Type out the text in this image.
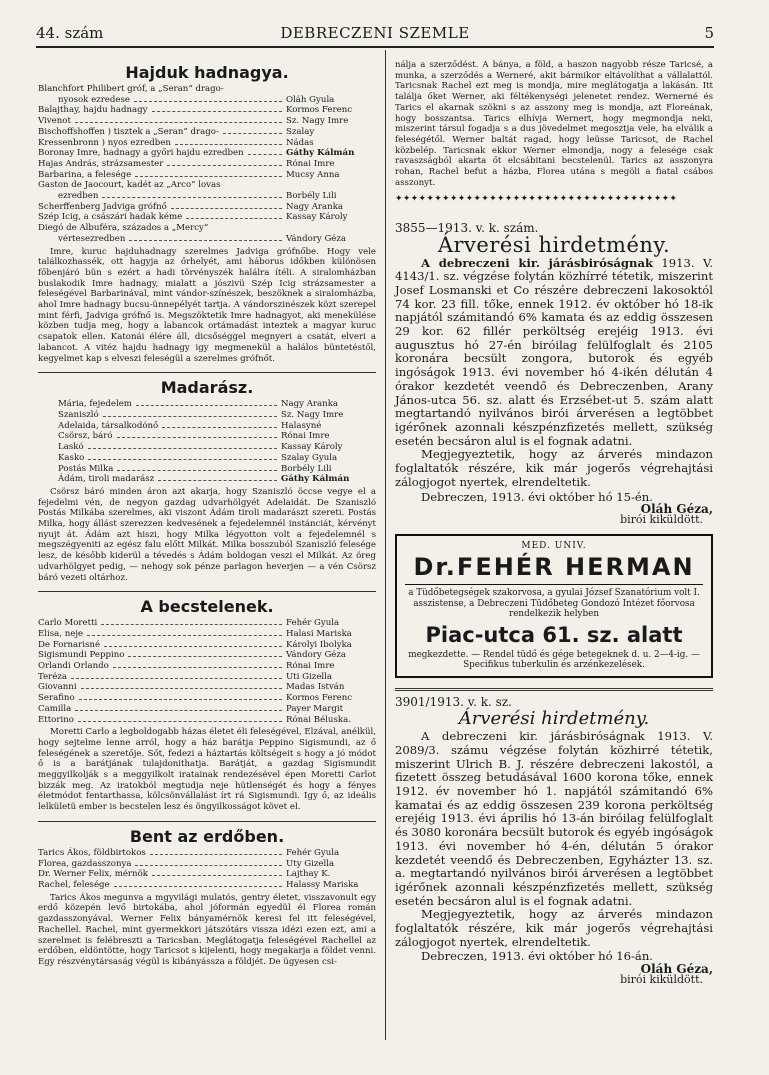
44. szám	DEBRECZENI SZEMLE	5
Hajduk hadnagya.
Blanchfort Philibert gróf, a „Seran“ drago-
nyosok ezredese	Oláh Gyula
Balajthay, hajdu hadnagy	Kormos Ferenc
Vivenot	Sz. Nagy Imre
Bischoffshoffen ) tisztek a „Seran“ drago-	Szalay
Kressenbronn ) nyos ezredben	Nádas
Boronay Imre, hadnagy a győri hajdu ezredben	Gáthy Kálmán
Hajas András, strázsamester	Rónai Imre
Barbarina, a felesége	Mucsy Anna
Gaston de Jaocourt, kadét az „Arco“ lovas
ezredben	Borbély Lili
Scherffenberg Jadviga grófnő	Nagy Aranka
Szép Icig, a császári hadak kéme	Kassay Károly
Diegó de Albuféra, százados a „Mercy“
vértesezredben	Vándory Géza

Imre, kuruc hajduhadnagy szerelmes Jadviga grófnőbe. Hogy vele találkozhassék, ott hagyja az őrhelyét, ami háborus időkben különösen főbenjáró bün s ezért a hadi törvényszék halálra ítéli. A siralomházban buslakodik Imre hadnagy, mialatt a jószivü Szép Icig strázsamester a feleségével Barbarinával, mint vándor-színészek, beszöknek a siralomházba, ahol Imre hadnagy bucsu-ünnepélyét tartja. A vándorszinészek közt szerepel mint férfi, Jadviga grófnő is. Megszöktetik Imre hadnagyot, aki menekülése közben tudja meg, hogy a labancok ortámadást inteztek a magyar kuruc csapatok ellen. Katonái élére áll, dicsőséggel megnyeri a csatát, elveri a labancot. A vitéz hajdu hadnagy igy megmenekül a halálos büntetéstől, kegyelmet kap s elveszi feleségül a szerelmes grófnőt.

Madarász.
Mária, fejedelem	Nagy Aranka
Szaniszló	Sz. Nagy Imre
Adelaida, társalkodónő	Halasyné
Csörsz, báró	Rónai Imre
Laskó	Kassay Károly
Kasko	Szalay Gyula
Postás Milka	Borbély Lili
Ádám, tiroli madarász	Gáthy Kálmán

Csörsz báró minden áron azt akarja, hogy Szaniszló öccse vegye el a fejedelmi vén, de negyon gazdag udvarhölgyét Adelaidát. De Szaniszló Postás Milkába szerelmes, aki viszont Ádám tiroli madarászt szereti. Postás Milka, hogy állást szerezzen kedvesének a fejedelemnél instánciát, kérvényt nyujt át. Ádám azt hiszi, hogy Milka légyotton volt a fejedelemnél s megszégyeniti az egész falu előtt Milkát. Milka bosszuból Szaniszló felesége lesz, de később kiderül a tévedés s Ádám boldogan veszi el Milkát. Az öreg udvarhölgyet pedig, — nehogy sok pénze parlagon heverjen — a vén Csörsz báró vezeti oltárhoz.

A becstelenek.
Carlo Moretti	Fehér Gyula
Elisa, neje	Halasi Mariska
De Fornarisné	Károlyi Ibolyka
Sigismundi Peppino	Vándory Géza
Orlandi Orlando	Rónai Imre
Teréza	Uti Gizella
Giovanni	Madas István
Serafino	Kormos Ferenc
Camilla	Payer Margit
Ettorino	Rónai Béluska.

Moretti Carlo a legboldogabb házas életet éli feleségével, Elzával, anélkül, hogy sejtelme lenne arról, hogy a ház barátja Peppino Sigismundi, az ő feleségének a szeretője. Sőt, fedezi a háztartás költségeit s hogy a jó módot ő is a barátjának tulajdonithatja. Barátját, a gazdag Sigismundit meggyilkolják s a meggyilkolt iratainak rendezésével épen Moretti Carlot bizzák meg. Az iratokból megtudja nejе hütlenségét és hogy a fényes életmódot fentarthassa, kölcsönvállalást írt rá Sigismundi. Igy ő, az ideális lelkületü ember is becstelen lesz és öngyilkosságot követ el.

Bent az erdőben.
Tarics Ákos, földbirtokos	Fehér Gyula
Florea, gazdasszonya	Uty Gizella
Dr. Werner Felix, mérnök	Lajthay K.
Rachel, felesége	Halassy Mariska

Tarics Ákos megunva a mgyvilági mulatós, gentry életet, visszavonult egy erdő közepén levő birtokába, ahol jóformán egyedül él Florea román gazdasszonyával. Werner Felix bányamérnök keresi fel itt feleségével, Rachellel. Rachel, mint gyermekkori játszótárs vissza idézi ezen ezt, ami a szerelmet is felébreszti a Taricsban. Meglátogatja feleségével Rachellel az erdőben, eldöntötte, hogy Taricsot s kijelenti, hogy megakarja a földet venni. Egy részvénytársaság végül is kibányássza a földjét. De ügyesen csi-

nálja a szerződést. A bánya, a föld, a haszon nagyobb része Taricsé, a munka, a szerződés a Werneré, akit bármikor eltávolíthat a vállalattól. Taricsnak Rachel ezt meg is mondja, mire meglátogatja a lakásán. Itt találja őket Werner, aki féltékenységi jelenetet rendez. Wernerné és Tarics el akarnak szökni s az asszony meg is mondja, azt Floreának, hogy bosszantsa. Tarics elhívja Wernert, hogy megmondja neki, miszerint társul fogadja s a dus jövedelmet megosztja vele, ha elválik a feleségétől. Werner baltát ragad, hogy leüsse Taricsot, de Rachel közbelép. Taricsnak ekkor Werner elmondja, nogy a felesége csak ravaszságból akarta őt elcsábitani becstelenül. Tarics az asszonyra rohan, Rachel befut a házba, Florea utána s megöli a fiatal csábos asszonyt.

✦✦✦✦✦✦✦✦✦✦✦✦✦✦✦✦✦✦✦✦✦✦✦✦✦✦✦✦✦✦✦✦✦✦✦✦
3855—1913. v. k. szám.
Árverési hirdetmény.

A debreczeni kir. járásbiróságnak 1913. V. 4143/1. sz. végzése folytán közhírré tétetik, miszerint Josef Losmanski et Co részére debreczeni lakosoktól 74 kor. 23 fill. tőke, ennek 1912. év október hó 18-ik napjától számitandó 6% kamata és az eddig összesen 29 kor. 62 fillér perköltség erejéig 1913. évi augusztus hó 27-én biróilag felülfoglalt és 2105 koronára becsült zongora, butorok és egyéb ingóságok 1913. évi november hó 4-ikén délután 4 órakor kezdetét veendő és Debreczenben, Arany János-utca 56. sz. alatt és Erzsébet-ut 5. szám alatt megtartandó nyilvános birói árverésen a legtöbbet igérőnek azonnali készpénzfizetés mellett, szükség esetén becsáron alul is el fognak adatni.

Megjegyeztetik, hogy az árverés mindazon foglaltatók részére, kik már jogerős végrehajtási zálogjogot nyertek, elrendeltetik.

Debreczen, 1913. évi október hó 15-én.
Oláh Géza,
birói kiküldött.
MED. UNIV.
Dr.FEHÉR HERMAN
a Tüdőbetegségek szakorvosa, a gyulai József Szanatórium volt I. asszistense, a Debreczeni Tüdőbeteg Gondozó Intézet főorvosa rendelkezik helyben
Piac-utca 61. sz. alatt
megkezdette. — Rendel tüdő és gége betegeknek d. u. 2—4-ig. — Specifikus tuberkulin és arzénkezelések.
3901/1913. v. k. sz.
Árverési hirdetmény.

A debreczeni kir. járásbiróságnak 1913. V. 2089/3. számu végzése folytán közhirré tétetik, miszerint Ulrich B. J. részére debreczeni lakostól, a fizetett összeg betudásával 1600 korona tőke, ennek 1912. év november hó 1. napjától számitandó 6% kamatai és az eddig összesen 239 korona perköltség erejéig 1913. évi április hó 13-án biróilag felülfoglalt és 3080 koronára becsült butorok és egyéb ingóságok 1913. évi november hó 4-én, délután 5 órakor kezdetét veendő és Debreczenben, Egyházter 13. sz. a. megtartandó nyilvános birói árverésen a legtöbbet igérőnek azonnali készpénzfizetés mellett, szükség esetén becsáron alul is el fognak adatni.

Megjegyeztetik, hogy az árverés mindazon foglaltatók részére, kik már jogerős végrehajtási zálogjogot nyertek, elrendeltetik.

Debreczen, 1913. évi október hó 16-án.
Oláh Géza,
birói kiküldött.
